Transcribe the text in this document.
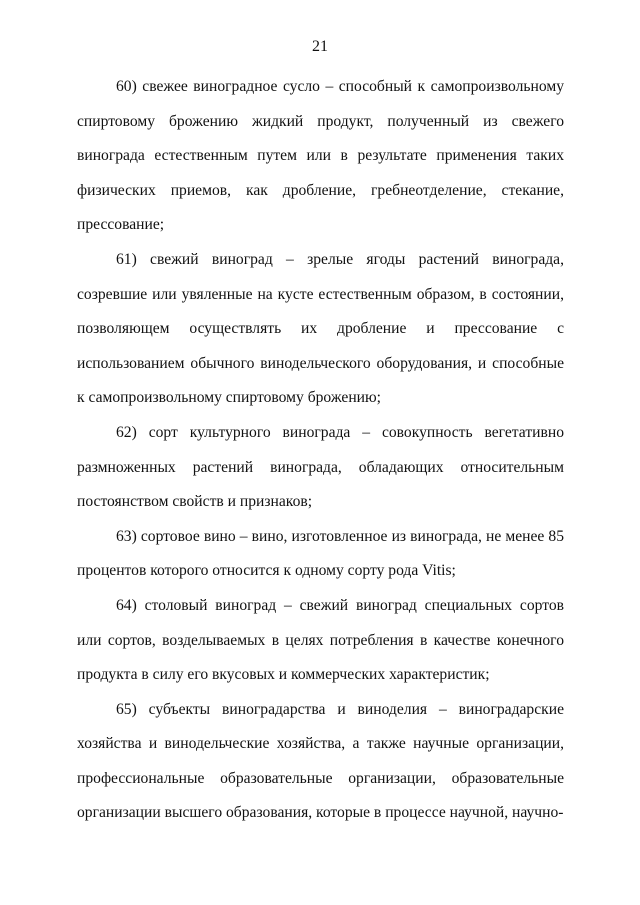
21

60) свежее виноградное сусло – способный к самопроизвольному спиртовому брожению жидкий продукт, полученный из свежего винограда естественным путем или в результате применения таких физических приемов, как дробление, гребнеотделение, стекание, прессование;

61) свежий виноград – зрелые ягоды растений винограда, созревшие или увяленные на кусте естественным образом, в состоянии, позволяющем осуществлять их дробление и прессование с использованием обычного винодельческого оборудования, и способные к самопроизвольному спиртовому брожению;

62) сорт культурного винограда – совокупность вегетативно размноженных растений винограда, обладающих относительным постоянством свойств и признаков;

63) сортовое вино – вино, изготовленное из винограда, не менее 85 процентов которого относится к одному сорту рода Vitis;

64) столовый виноград – свежий виноград специальных сортов или сортов, возделываемых в целях потребления в качестве конечного продукта в силу его вкусовых и коммерческих характеристик;

65) субъекты виноградарства и виноделия – виноградарские хозяйства и винодельческие хозяйства, а также научные организации, профессиональные образовательные организации, образовательные организации высшего образования, которые в процессе научной, научно-
